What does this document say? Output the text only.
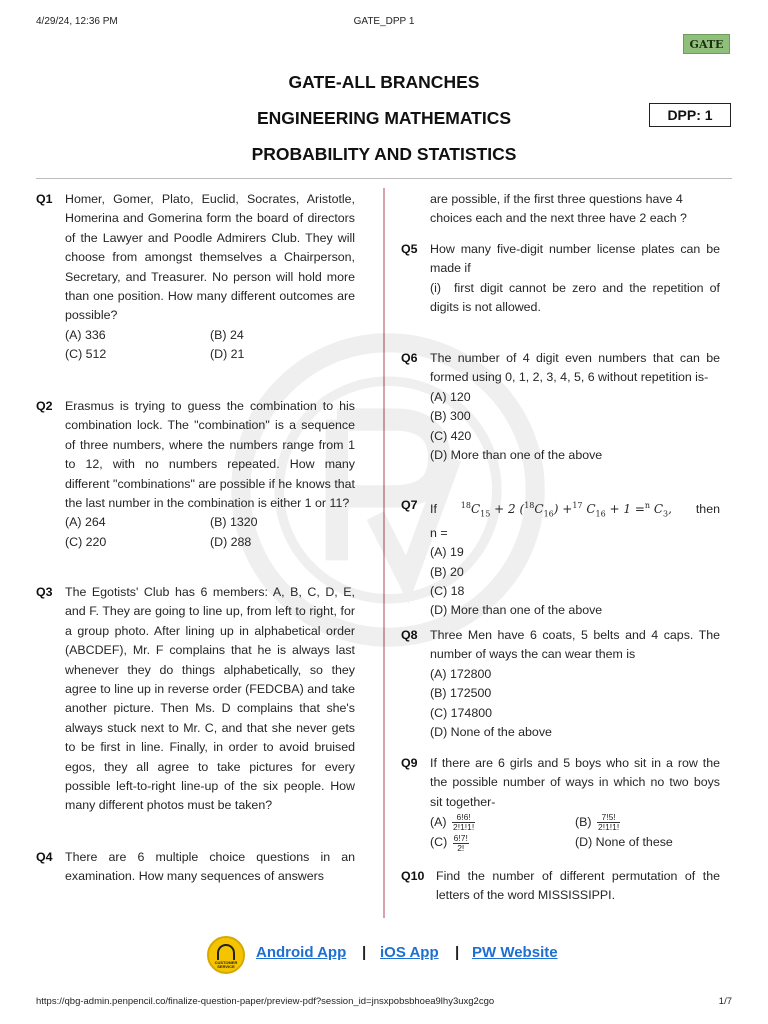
4/29/24, 12:36 PM	GATE_DPP 1
GATE
GATE-ALL BRANCHES
ENGINEERING MATHEMATICS
PROBABILITY AND STATISTICS
DPP: 1
Q1 Homer, Gomer, Plato, Euclid, Socrates, Aristotle, Homerina and Gomerina form the board of directors of the Lawyer and Poodle Admirers Club. They will choose from amongst themselves a Chairperson, Secretary, and Treasurer. No person will hold more than one position. How many different outcomes are possible?
(A) 336	(B) 24
(C) 512	(D) 21
Q2 Erasmus is trying to guess the combination to his combination lock. The "combination" is a sequence of three numbers, where the numbers range from 1 to 12, with no numbers repeated. How many different "combinations" are possible if he knows that the last number in the combination is either 1 or 11?
(A) 264	(B) 1320
(C) 220	(D) 288
Q3 The Egotists' Club has 6 members: A, B, C, D, E, and F. They are going to line up, from left to right, for a group photo. After lining up in alphabetical order (ABCDEF), Mr. F complains that he is always last whenever they do things alphabetically, so they agree to line up in reverse order (FEDCBA) and take another picture. Then Ms. D complains that she's always stuck next to Mr. C, and that she never gets to be first in line. Finally, in order to avoid bruised egos, they all agree to take pictures for every possible left-to-right line-up of the six people. How many different photos must be taken?
Q4 There are 6 multiple choice questions in an examination. How many sequences of answers
are possible, if the first three questions have 4 choices each and the next three have 2 each ?
Q5 How many five-digit number license plates can be made if
(i)	first digit cannot be zero and the repetition of digits is not allowed.
Q6 The number of 4 digit even numbers that can be formed using 0, 1, 2, 3, 4, 5, 6 without repetition is-
(A) 120
(B) 300
(C) 420
(D) More than one of the above
Q7 If	$^{18}C_{15} + 2$ $(^{18}C_{16}) +^{17}$ $C_{16} + 1 =^n$ $C_3$, then
n =
(A) 19
(B) 20
(C) 18
(D) More than one of the above
Q8 Three Men have 6 coats, 5 belts and 4 caps. The number of ways the can wear them is
(A) 172800
(B) 172500
(C) 174800
(D) None of the above
Q9 If there are 6 girls and 5 boys who sit in a row the the possible number of ways in which no two boys sit together-
$(A) \frac{6!6!}{2!1!1!}$	$(B) \frac{7!5!}{2!1!1!}$
$(C) \frac{6!7!}{2!}$	(D) None of these
Q10 Find the number of different permutation of the letters of the word MISSISSIPPI.
CUSTOMER SERVICE
Android App | iOS App | PW Website
https://qbg-admin.penpencil.co/finalize-question-paper/preview-pdf?session_id=jnsxpobsbhoea9lhy3uxg2cgo	1/7
